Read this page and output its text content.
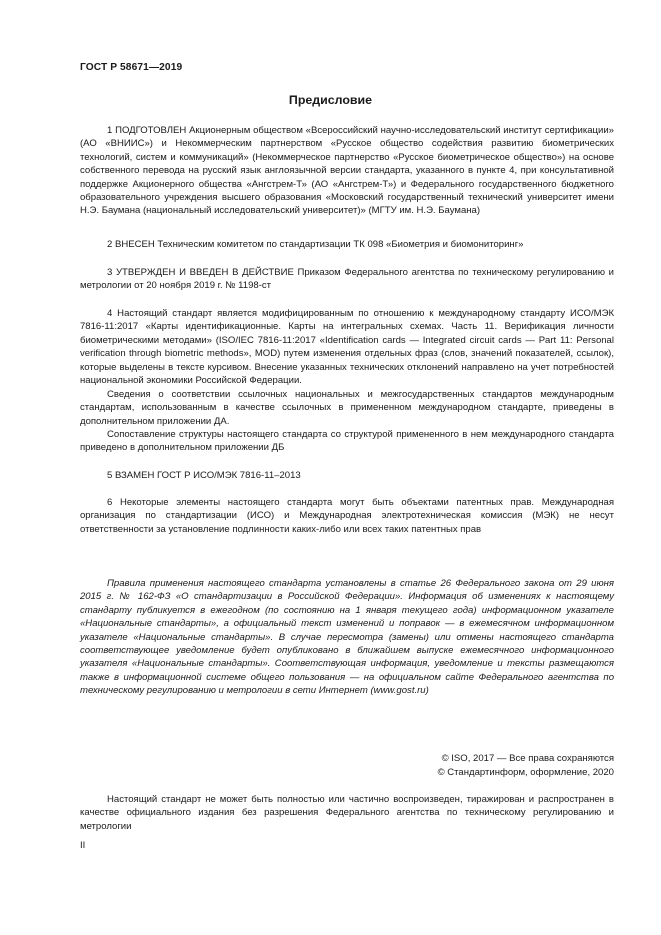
ГОСТ Р 58671—2019
Предисловие

1 ПОДГОТОВЛЕН Акционерным обществом «Всероссийский научно-исследовательский институт сертификации» (АО «ВНИИС») и Некоммерческим партнерством «Русское общество содействия развитию биометрических технологий, систем и коммуникаций» (Некоммерческое партнерство «Русское биометрическое общество») на основе собственного перевода на русский язык англоязычной версии стандарта, указанного в пункте 4, при консультативной поддержке Акционерного общества «Ангстрем-Т» (АО «Ангстрем-Т») и Федерального государственного бюджетного образовательного учреждения высшего образования «Московский государственный технический университет имени Н.Э. Баумана (национальный исследовательский университет)» (МГТУ им. Н.Э. Баумана)

2 ВНЕСЕН Техническим комитетом по стандартизации ТК 098 «Биометрия и биомониторинг»

3 УТВЕРЖДЕН И ВВЕДЕН В ДЕЙСТВИЕ Приказом Федерального агентства по техническому регулированию и метрологии от 20 ноября 2019 г. № 1198-ст

4 Настоящий стандарт является модифицированным по отношению к международному стандарту ИСО/МЭК 7816-11:2017 «Карты идентификационные. Карты на интегральных схемах. Часть 11. Верификация личности биометрическими методами» (ISO/IEC 7816-11:2017 «Identification cards — Integrated circuit cards — Part 11: Personal verification through biometric methods», MOD) путем изменения отдельных фраз (слов, значений показателей, ссылок), которые выделены в тексте курсивом. Внесение указанных технических отклонений направлено на учет потребностей национальной экономики Российской Федерации.

Сведения о соответствии ссылочных национальных и межгосударственных стандартов международным стандартам, использованным в качестве ссылочных в примененном международном стандарте, приведены в дополнительном приложении ДА.

Сопоставление структуры настоящего стандарта со структурой примененного в нем международного стандарта приведено в дополнительном приложении ДБ

5 ВЗАМЕН ГОСТ Р ИСО/МЭК 7816-11–2013

6 Некоторые элементы настоящего стандарта могут быть объектами патентных прав. Международная организация по стандартизации (ИСО) и Международная электротехническая комиссия (МЭК) не несут ответственности за установление подлинности каких-либо или всех таких патентных прав

Правила применения настоящего стандарта установлены в статье 26 Федерального закона от 29 июня 2015 г. № 162-ФЗ «О стандартизации в Российской Федерации». Информация об изменениях к настоящему стандарту публикуется в ежегодном (по состоянию на 1 января текущего года) информационном указателе «Национальные стандарты», а официальный текст изменений и поправок — в ежемесячном информационном указателе «Национальные стандарты». В случае пересмотра (замены) или отмены настоящего стандарта соответствующее уведомление будет опубликовано в ближайшем выпуске ежемесячного информационного указателя «Национальные стандарты». Соответствующая информация, уведомление и тексты размещаются также в информационной системе общего пользования — на официальном сайте Федерального агентства по техническому регулированию и метрологии в сети Интернет (www.gost.ru)

© ISO, 2017 — Все права сохраняются
© Стандартинформ, оформление, 2020

Настоящий стандарт не может быть полностью или частично воспроизведен, тиражирован и распространен в качестве официального издания без разрешения Федерального агентства по техническому регулированию и метрологии

II
